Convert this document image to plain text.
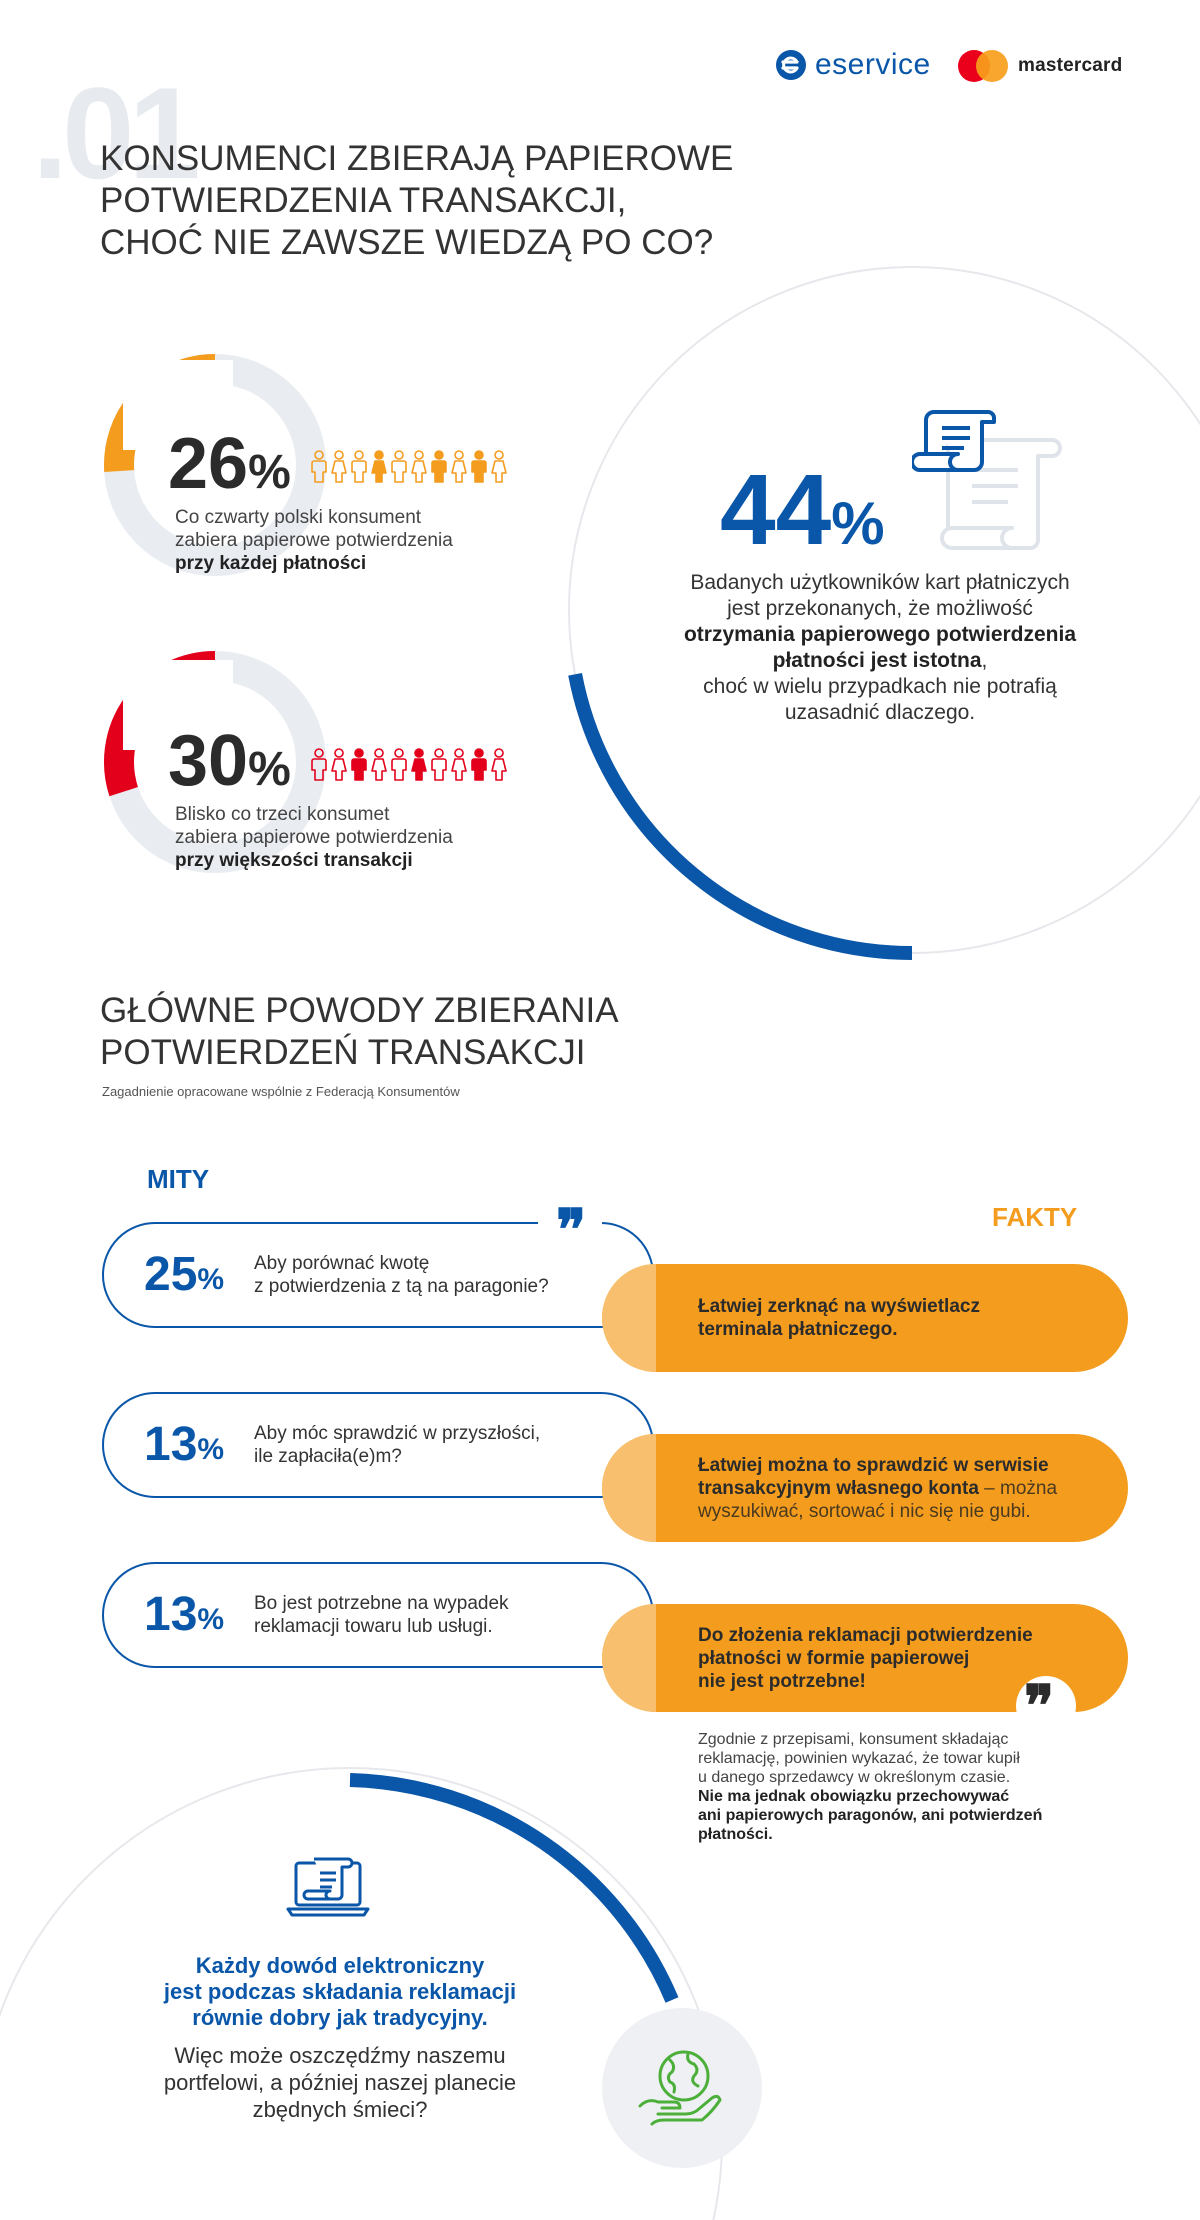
eservice	mastercard
.01
KONSUMENCI ZBIERAJĄ PAPIEROWE
POTWIERDZENIA TRANSAKCJI,
CHOĆ NIE ZAWSZE WIEDZĄ PO CO?
26%
Co czwarty polski konsument
zabiera papierowe potwierdzenia
przy każdej płatności
30%
Blisko co trzeci konsumet
zabiera papierowe potwierdzenia
przy większości transakcji
44%
Badanych użytkowników kart płatniczych
jest przekonanych, że możliwość
otrzymania papierowego potwierdzenia
płatności jest istotna,
choć w wielu przypadkach nie potrafią
uzasadnić dlaczego.
GŁÓWNE POWODY ZBIERANIA
POTWIERDZEŃ TRANSAKCJI
Zagadnienie opracowane wspólnie z Federacją Konsumentów
MITY
FAKTY
25 % Aby porównać kwotę
z potwierdzenia z tą na paragonie?
❞
Łatwiej zerknąć na wyświetlacz
terminala płatniczego.
13 % Aby móc sprawdzić w przyszłości,
ile zapłaciła(e)m?	Łatwiej można to sprawdzić w serwisie
transakcyjnym własnego konta – można
wyszukiwać, sortować i nic się nie gubi.
13 % Bo jest potrzebne na wypadek
reklamacji towaru lub usługi.	Do złożenia reklamacji potwierdzenie
płatności w formie papierowej
nie jest potrzebne!	❞
Zgodnie z przepisami, konsument składając
reklamację, powinien wykazać, że towar kupił
u danego sprzedawcy w określonym czasie.
Nie ma jednak obowiązku przechowywać
ani papierowych paragonów, ani potwierdzeń
płatności.
Każdy dowód elektroniczny
jest podczas składania reklamacji
równie dobry jak tradycyjny.
Więc może oszczędźmy naszemu
portfelowi, a później naszej planecie
zbędnych śmieci?
